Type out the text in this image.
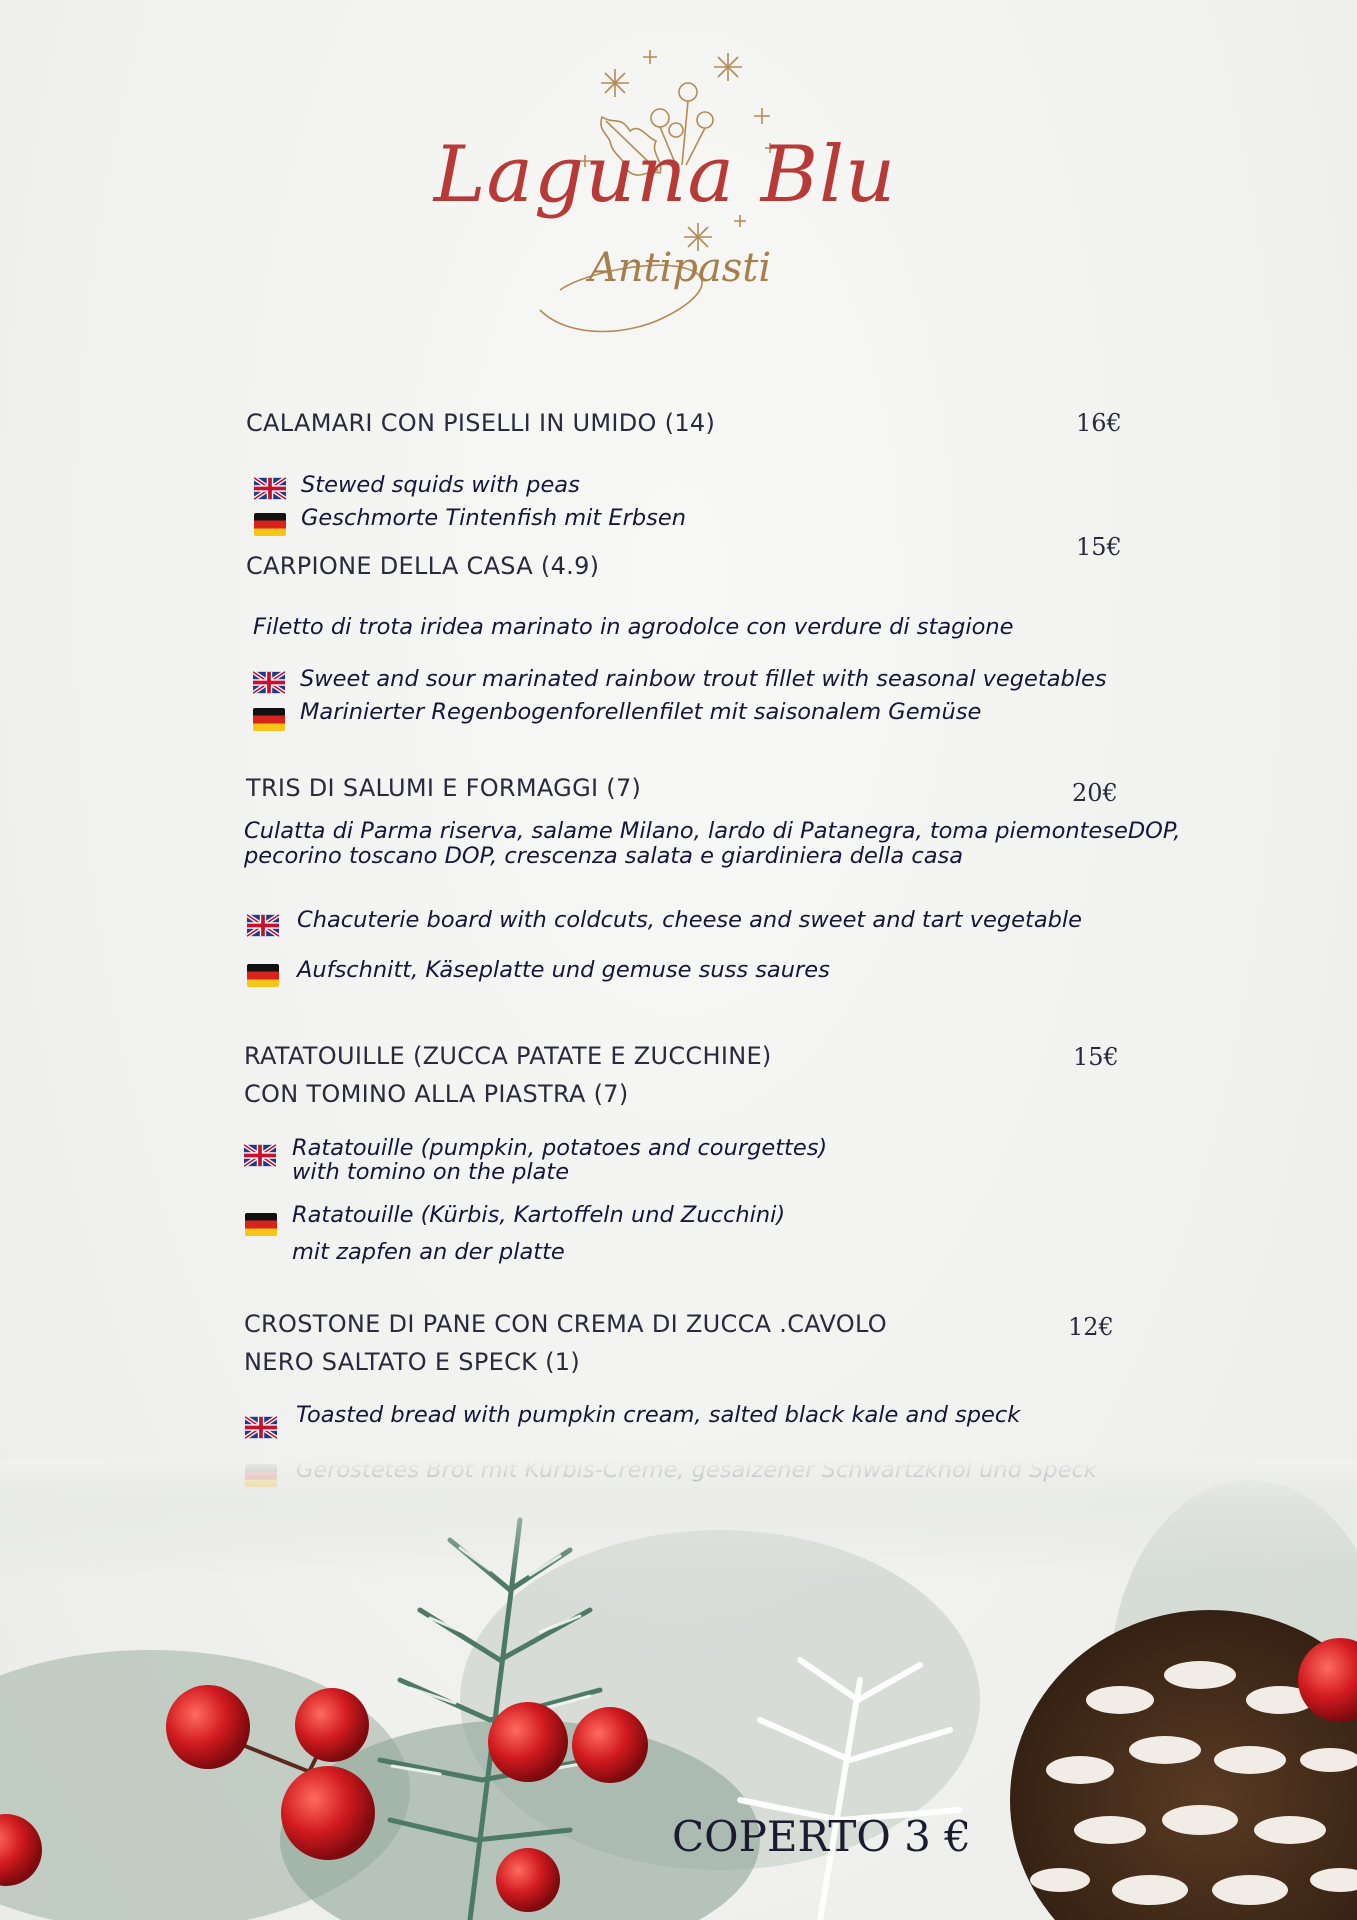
Laguna Blu
Antipasti
CALAMARI CON PISELLI IN UMIDO (14)	16€
Stewed squids with peas
Geschmorte Tintenfish mit Erbsen
CARPIONE DELLA CASA (4.9)
15€
Filetto di trota iridea marinato in agrodolce con verdure di stagione
Sweet and sour marinated rainbow trout fillet with seasonal vegetables
Marinierter Regenbogenforellenfilet mit saisonalem Gemüse
TRIS DI SALUMI E FORMAGGI (7)	20€
Culatta di Parma riserva, salame Milano, lardo di Patanegra, toma piemonteseDOP,
pecorino toscano DOP, crescenza salata e giardiniera della casa
Chacuterie board with coldcuts, cheese and sweet and tart vegetable
Aufschnitt, Käseplatte und gemuse suss saures
RATATOUILLE (ZUCCA PATATE E ZUCCHINE)
CON TOMINO ALLA PIASTRA (7)
15€
Ratatouille (pumpkin, potatoes and courgettes)
with tomino on the plate
Ratatouille (Kürbis, Kartoffeln und Zucchini)
mit zapfen an der platte
CROSTONE DI PANE CON CREMA DI ZUCCA .CAVOLO
NERO SALTATO E SPECK (1)
12€
Toasted bread with pumpkin cream, salted black kale and speck
COPERTO 3 €
